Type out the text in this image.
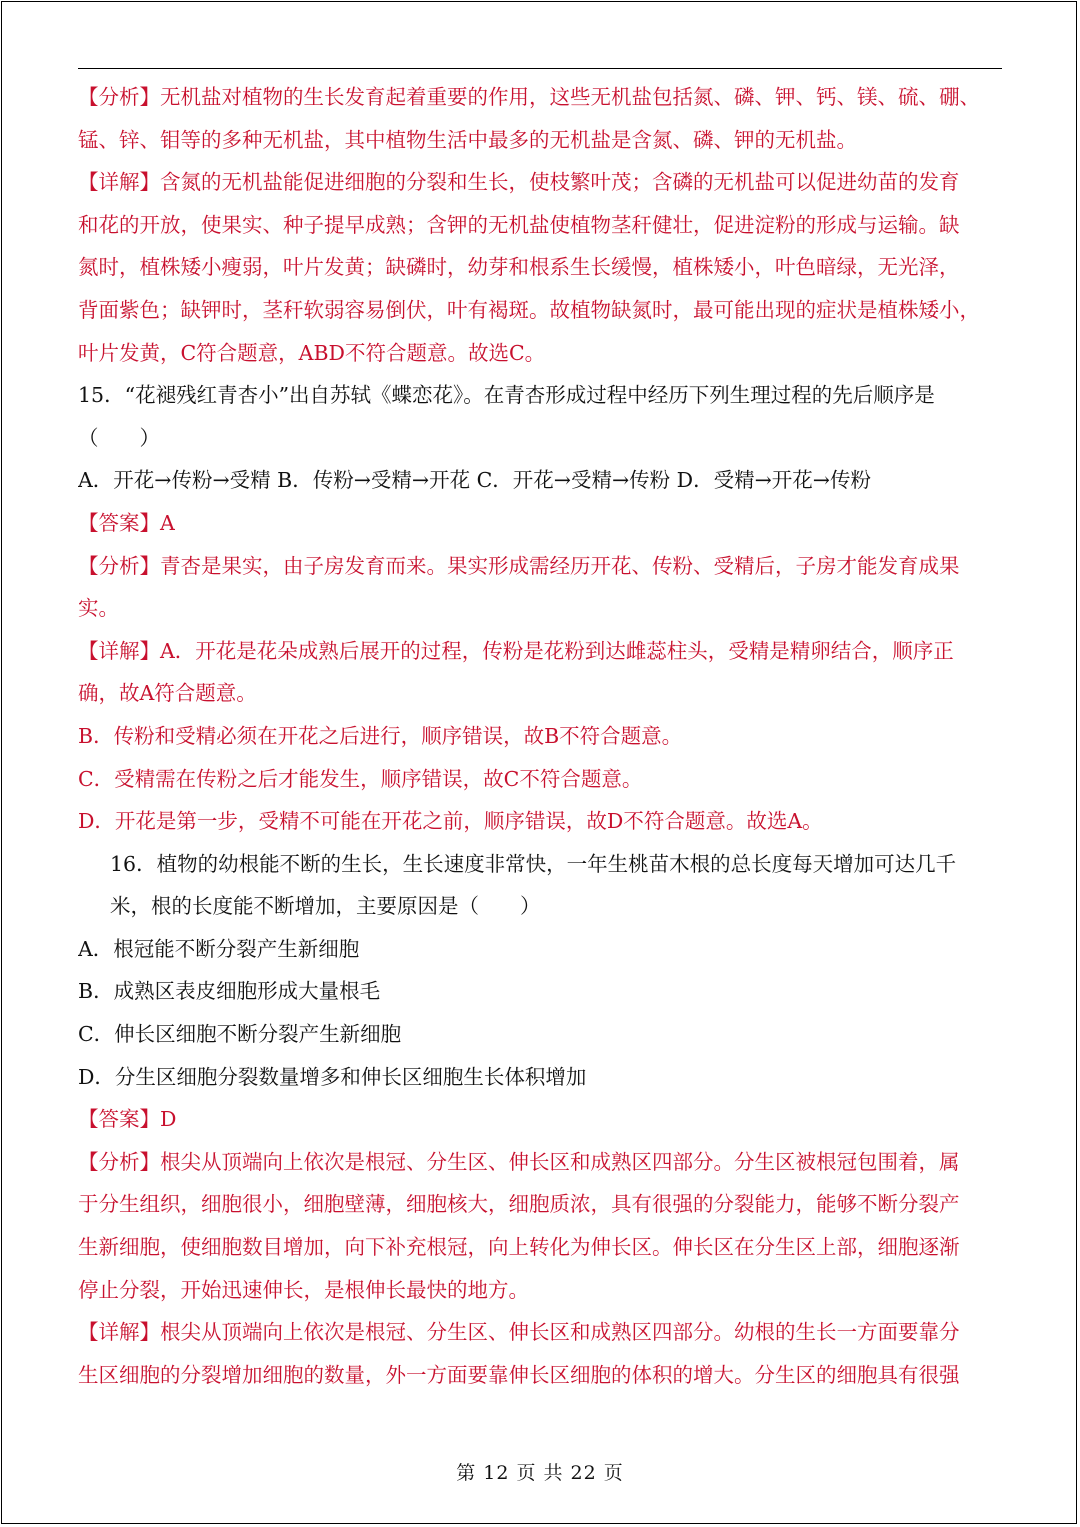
【分析】无机盐对植物的生长发育起着重要的作用，这些无机盐包括氮、磷、钾、钙、镁、硫、硼、
锰、锌、钼等的多种无机盐，其中植物生活中最多的无机盐是含氮、磷、钾的无机盐。
【详解】含氮的无机盐能促进细胞的分裂和生长，使枝繁叶茂；含磷的无机盐可以促进幼苗的发育
和花的开放，使果实、种子提早成熟；含钾的无机盐使植物茎秆健壮，促进淀粉的形成与运输。缺
氮时，植株矮小瘦弱，叶片发黄；缺磷时，幼芽和根系生长缓慢，植株矮小，叶色暗绿，无光泽，
背面紫色；缺钾时，茎秆软弱容易倒伏，叶有褐斑。故植物缺氮时，最可能出现的症状是植株矮小，
叶片发黄，C符合题意，ABD不符合题意。故选C。
15．“花褪残红青杏小”出自苏轼《蝶恋花》。在青杏形成过程中经历下列生理过程的先后顺序是
（　　）
A．开花→传粉→受精 B．传粉→受精→开花 C．开花→受精→传粉 D．受精→开花→传粉
【答案】A
【分析】青杏是果实，由子房发育而来。果实形成需经历开花、传粉、受精后，子房才能发育成果
实。
【详解】A．开花是花朵成熟后展开的过程，传粉是花粉到达雌蕊柱头，受精是精卵结合，顺序正
确，故A符合题意。
B．传粉和受精必须在开花之后进行，顺序错误，故B不符合题意。
C．受精需在传粉之后才能发生，顺序错误，故C不符合题意。
D．开花是第一步，受精不可能在开花之前，顺序错误，故D不符合题意。故选A。
16．植物的幼根能不断的生长，生长速度非常快，一年生桃苗木根的总长度每天增加可达几千
米，根的长度能不断增加，主要原因是（　　）
A．根冠能不断分裂产生新细胞
B．成熟区表皮细胞形成大量根毛
C．伸长区细胞不断分裂产生新细胞
D．分生区细胞分裂数量增多和伸长区细胞生长体积增加
【答案】D
【分析】根尖从顶端向上依次是根冠、分生区、伸长区和成熟区四部分。分生区被根冠包围着，属
于分生组织，细胞很小，细胞壁薄，细胞核大，细胞质浓，具有很强的分裂能力，能够不断分裂产
生新细胞，使细胞数目增加，向下补充根冠，向上转化为伸长区。伸长区在分生区上部，细胞逐渐
停止分裂，开始迅速伸长，是根伸长最快的地方。
【详解】根尖从顶端向上依次是根冠、分生区、伸长区和成熟区四部分。幼根的生长一方面要靠分
生区细胞的分裂增加细胞的数量，外一方面要靠伸长区细胞的体积的增大。分生区的细胞具有很强
第 12 页 共 22 页
